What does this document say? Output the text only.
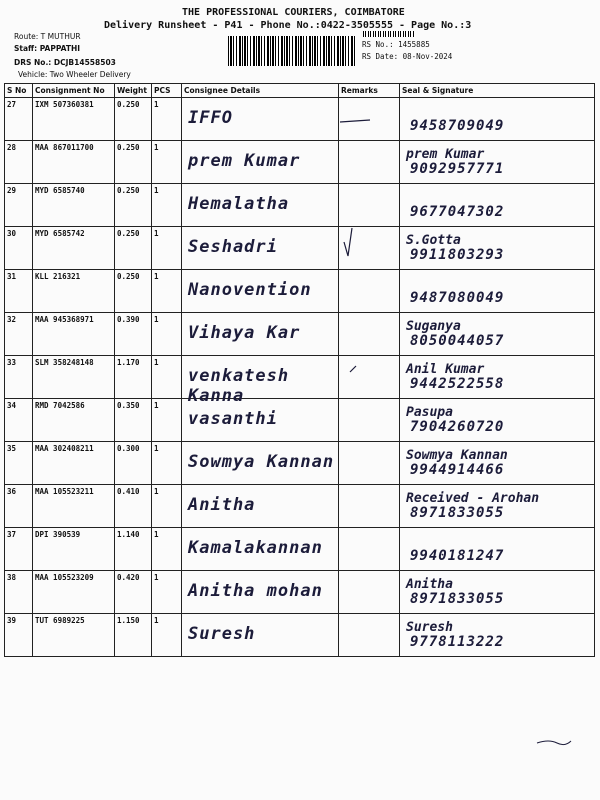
THE PROFESSIONAL COURIERS, COIMBATORE
Delivery Runsheet - P41 - Phone No.:0422-3505555 - Page No.:3
Route: T MUTHUR
Staff: PAPPATHI
DRS No.: DCJB14558503
Vehicle: Two Wheeler Delivery
RS No.: 1455885
RS Date: 08-Nov-2024
S No	Consignment No	Weight	PCS	Consignee Details	Remarks	Seal & Signature
27	IXM 507360381	0.250	1	IFFO		9458709049

28	MAA 867011700	0.250	1	prem Kumar		prem Kumar
9092957771

29	MYD 6585740	0.250	1	Hemalatha		9677047302

30	MYD 6585742	0.250	1	Seshadri		S.Gotta
9911803293

31	KLL 216321	0.250	1	Nanovention		9487080049

32	MAA 945368971	0.390	1	Vihaya Kar		Suganya
8050044057

33	SLM 358248148	1.170	1	venkatesh Kanna		Anil Kumar
9442522558

34	RMD 7042586	0.350	1	vasanthi		Pasupa
7904260720

35	MAA 302408211	0.300	1	Sowmya Kannan		Sowmya Kannan
9944914466

36	MAA 105523211	0.410	1	Anitha		Received - Arohan
8971833055

37	DPI 390539	1.140	1	Kamalakannan		9940181247

38	MAA 105523209	0.420	1	Anitha mohan		Anitha
8971833055

39	TUT 6989225	1.150	1	Suresh		Suresh
9778113222
